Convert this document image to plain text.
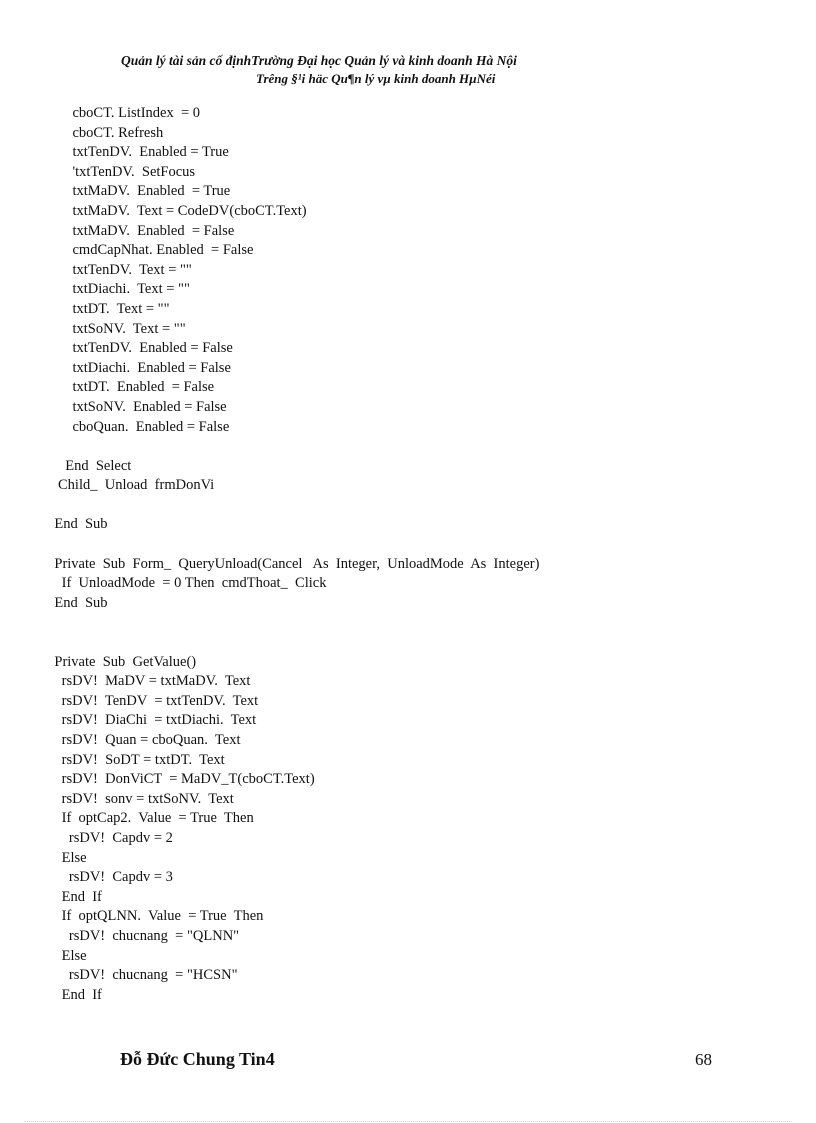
Quản lý tài sản cố địnhTrường Đại học Quản lý và kinh doanh Hà Nội
Trêng §¹i häc Qu¶n lý vµ kinh doanh HµNéi
cboCT. ListIndex  = 0
cboCT. Refresh
txtTenDV.  Enabled = True
'txtTenDV.  SetFocus
txtMaDV.  Enabled  = True
txtMaDV.  Text = CodeDV(cboCT.Text)
txtMaDV.  Enabled  = False
cmdCapNhat. Enabled  = False
txtTenDV.  Text = ""
txtDiachi.  Text = ""
txtDT.  Text = ""
txtSoNV.  Text = ""
txtTenDV.  Enabled = False
txtDiachi.  Enabled = False
txtDT.  Enabled  = False
txtSoNV.  Enabled = False
cboQuan.  Enabled = False
End  Select
Child_  Unload  frmDonVi
End  Sub
Private  Sub  Form_  QueryUnload(Cancel   As  Integer,  UnloadMode  As  Integer)
If  UnloadMode  = 0 Then  cmdThoat_  Click
End  Sub
Private  Sub  GetValue()
rsDV!  MaDV = txtMaDV.  Text
rsDV!  TenDV  = txtTenDV.  Text
rsDV!  DiaChi  = txtDiachi.  Text
rsDV!  Quan = cboQuan.  Text
rsDV!  SoDT = txtDT.  Text
rsDV!  DonViCT  = MaDV_T(cboCT.Text)
rsDV!  sonv = txtSoNV.  Text
If  optCap2.  Value  = True  Then
rsDV!  Capdv = 2
Else
rsDV!  Capdv = 3
End  If
If  optQLNN.  Value  = True  Then
rsDV!  chucnang  = "QLNN"
Else
rsDV!  chucnang  = "HCSN"
End  If
Đỗ Đức Chung Tin4	68
